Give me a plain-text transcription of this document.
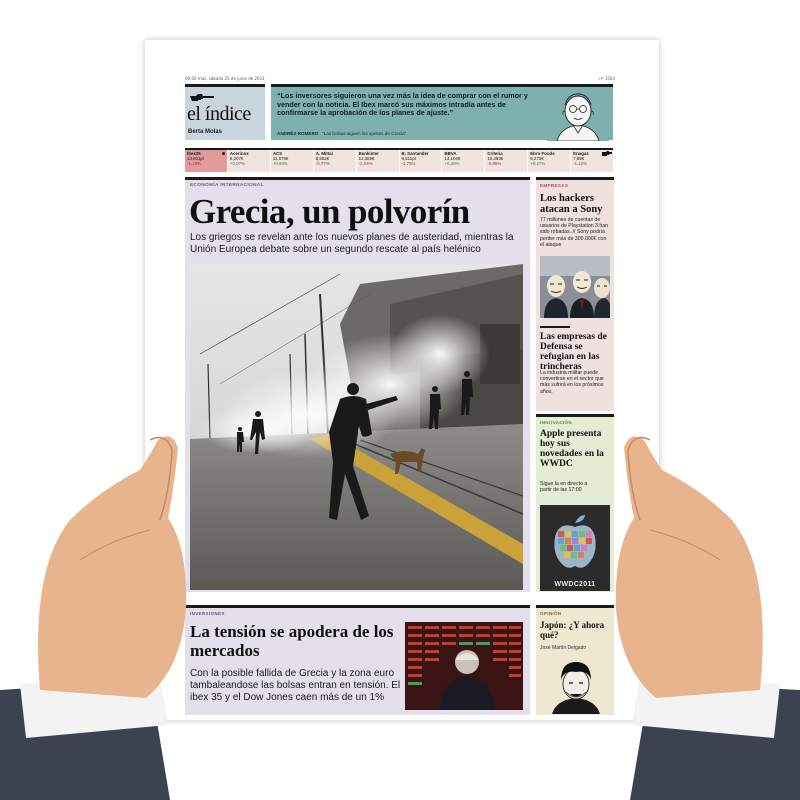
00:00 más, sábado 25 de junio de 2011	nº 1504
el índice
Berta Molas
“Los inversores siguieron una vez más la idea de comprar con el rumor y vender con la noticia. El Ibex marcó sus máximos intradía antes de confirmarse la aprobación de los planes de ajuste.”
ANDRÉS ROMERO “Las bolsas siguen los ajustes de Grecia”
Ibex35
13.601pt
-1,19%
Acerinox
9,207€
+0,07%
ACS
11,579€
+0,93%
A. Mittal
8,852€
-0,77%
Bankinter
12,389€
-2,04%
B. Santander
9,511pt
-1,75%
BBVA
14,104€
+0,46%
Criteria
10,293€
-0,85%
Ebro Foods
6,273€
+0,27%
Enagas
7,89€
-1,12%
ECONOMÍA INTERNACIONAL
Grecia, un polvorín
Los griegos se revelan ante los nuevos planes de austeridad, mientras la Unión Europea debate sobre un segundo rescate al país helénico
EMPRESAS
Los hackers atacan a Sony
77 millones de cuentas de usuarios de Playstation 3 han sido robadas. // Sony podría perder más de 300.000€ con el ataque
Las empresas de Defensa se refugian en las trincheras
La industria militar puede convertirse en el sector que más sufrirá en los próximos años.
INNOVACIÓN
Apple presenta hoy sus novedades en la WWDC
Sigue la en directo a partir de las 17:00
WWDC2011
INVERSIONES
La tensión se apodera de los mercados
Con la posible fallida de Grecia y la zona euro tambaleandose las bolsas entran en tensión. El ibex 35 y el Dow Jones caen más de un 1%
OPINIÓN
Japón: ¿Y ahora qué?
José Martín Delgado
